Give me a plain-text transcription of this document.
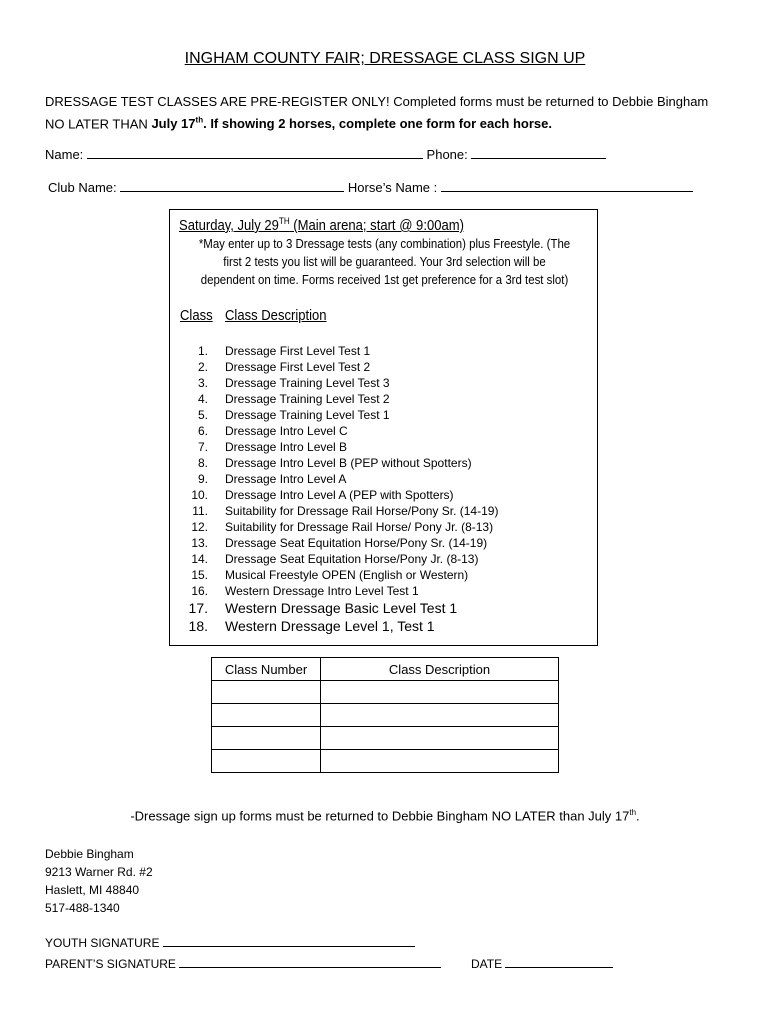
INGHAM COUNTY FAIR; DRESSAGE CLASS SIGN UP
DRESSAGE TEST CLASSES ARE PRE-REGISTER ONLY! Completed forms must be returned to Debbie Bingham
NO LATER THAN July 17th. If showing 2 horses, complete one form for each horse.
Name:	Phone:
Club Name:	Horse’s Name :
Saturday, July 29TH (Main arena; start @ 9:00am)
*May enter up to 3 Dressage tests (any combination) plus Freestyle. (The
first 2 tests you list will be guaranteed. Your 3rd selection will be
dependent on time. Forms received 1st get preference for a 3rd test slot)
Class Class Description
1. Dressage First Level Test 1
2. Dressage First Level Test 2
3. Dressage Training Level Test 3
4. Dressage Training Level Test 2
5. Dressage Training Level Test 1
6. Dressage Intro Level C
7. Dressage Intro Level B
8. Dressage Intro Level B (PEP without Spotters)
9. Dressage Intro Level A
10. Dressage Intro Level A (PEP with Spotters)
11. Suitability for Dressage Rail Horse/Pony Sr. (14-19)
12. Suitability for Dressage Rail Horse/ Pony Jr. (8-13)
13. Dressage Seat Equitation Horse/Pony Sr. (14-19)
14. Dressage Seat Equitation Horse/Pony Jr. (8-13)
15. Musical Freestyle OPEN (English or Western)
16. Western Dressage Intro Level Test 1
17. Western Dressage Basic Level Test 1
18. Western Dressage Level 1, Test 1
Class Number	Class Description

-Dressage sign up forms must be returned to Debbie Bingham NO LATER than July 17th.
Debbie Bingham
9213 Warner Rd. #2
Haslett, MI 48840
517-488-1340
YOUTH SIGNATURE
PARENT’S SIGNATURE	DATE
